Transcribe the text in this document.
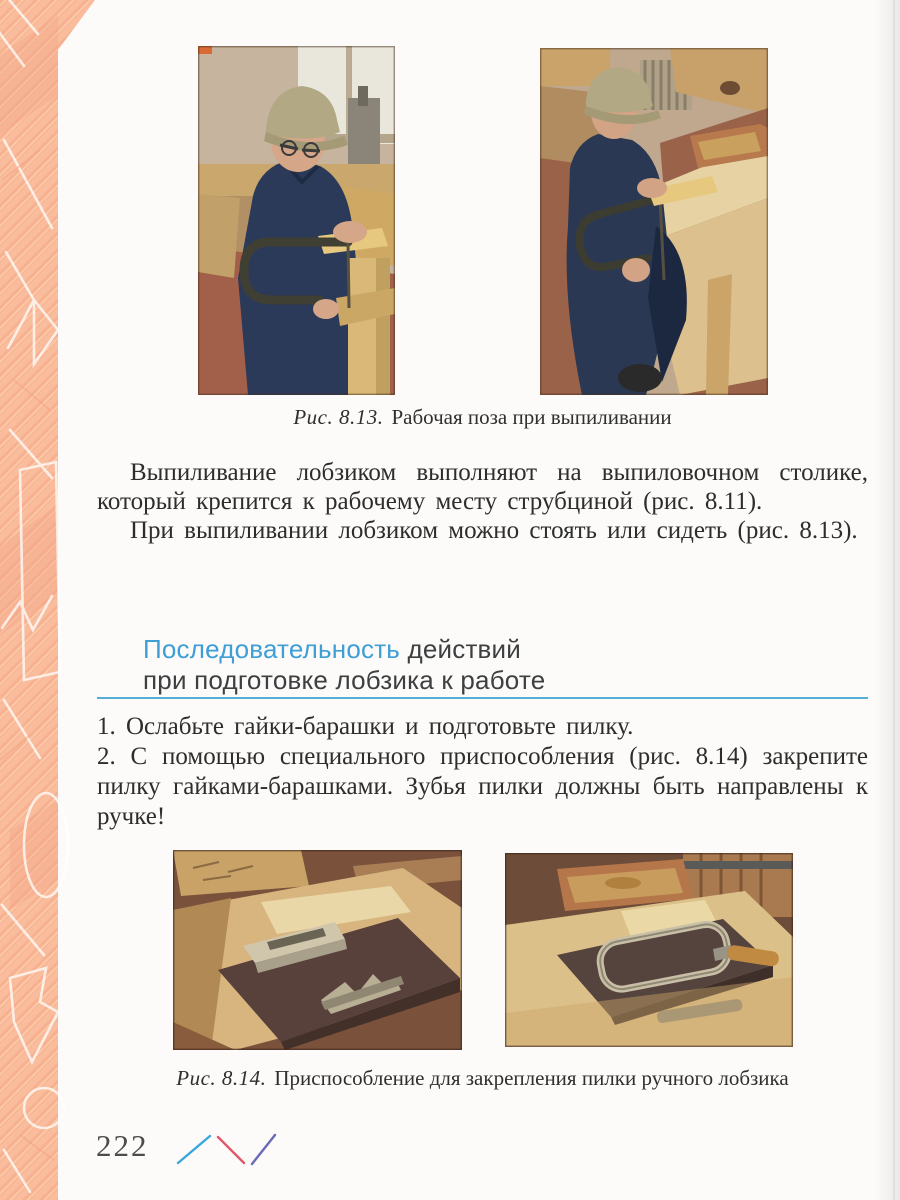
Рис. 8.13. Рабочая поза при выпиливании

Выпиливание лобзиком выполняют на выпиловочном столике, который крепится к рабочему месту струбциной (рис. 8.11).

При выпиливании лобзиком можно стоять или сидеть (рис. 8.13).

Последовательность действий
при подготовке лобзика к работе

1. Ослабьте гайки-барашки и подготовьте пилку.

2. С помощью специального приспособления (рис. 8.14) закрепите пилку гайками-барашками. Зубья пилки должны быть направлены к ручке!

Рис. 8.14. Приспособление для закрепления пилки ручного лобзика
222
